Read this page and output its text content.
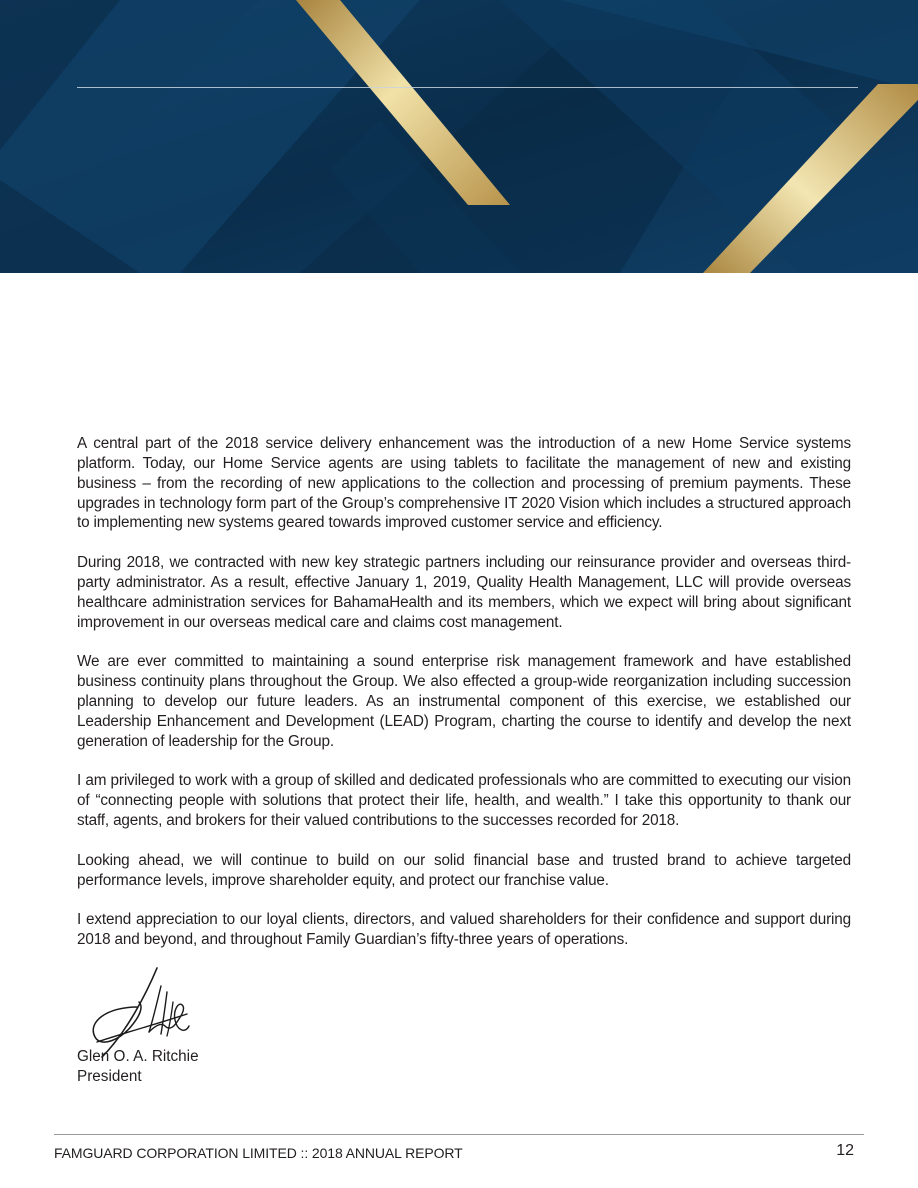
A central part of the 2018 service delivery enhancement was the introduction of a new Home Service systems platform. Today, our Home Service agents are using tablets to facilitate the management of new and existing business – from the recording of new applications to the collection and processing of premium payments. These upgrades in technology form part of the Group’s comprehensive IT 2020 Vision which includes a structured approach to implementing new systems geared towards improved customer service and efficiency.

During 2018, we contracted with new key strategic partners including our reinsurance provider and overseas third-party administrator. As a result, effective January 1, 2019, Quality Health Management, LLC will provide overseas healthcare administration services for BahamaHealth and its members, which we expect will bring about significant improvement in our overseas medical care and claims cost management.

We are ever committed to maintaining a sound enterprise risk management framework and have established business continuity plans throughout the Group. We also effected a group-wide reorganization including succession planning to develop our future leaders. As an instrumental component of this exercise, we established our Leadership Enhancement and Development (LEAD) Program, charting the course to identify and develop the next generation of leadership for the Group.

I am privileged to work with a group of skilled and dedicated professionals who are committed to executing our vision of “connecting people with solutions that protect their life, health, and wealth.” I take this opportunity to thank our staff, agents, and brokers for their valued contributions to the successes recorded for 2018.

Looking ahead, we will continue to build on our solid financial base and trusted brand to achieve targeted performance levels, improve shareholder equity, and protect our franchise value.

I extend appreciation to our loyal clients, directors, and valued shareholders for their confidence and support during 2018 and beyond, and throughout Family Guardian’s fifty-three years of operations.

Glen O. A. Ritchie
President
FAMGUARD CORPORATION LIMITED :: 2018 ANNUAL REPORT	12
